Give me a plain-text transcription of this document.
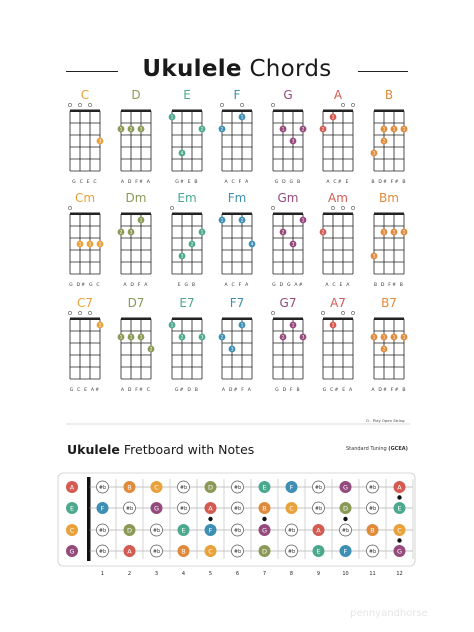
C
3
G C E C
D
1 2 3
A D F# A
E
1
2
4
G# E B
F
1
2
A C F A
G
1	2
3
G D G B
A
1
2
A C# E
B
1 1 1
2
3
B D# F# B
Cm
1 1 1
G D# G C
Dm
1
2 3
A D F A
Em
1
2
3
E G B
Fm
1	2
4
A C F A
Gm
1
2
3
G D G A#
Am
2
A C E A
Bm
1 1 1
3
B D F# B
C7
1
G C E A#
D7
1 1 1
2
A D F# C
E7
1
2	3
G# D B
F7
1
2
3
A D# F A
G7
1
2	3
G D F B
A7
1
G C# E A
B7
1 1 1 1
2
A D# F# B
A	#b	B	C	#b	D	#b	E	F	#b	G	#b	A
E	F	#b	G	#b	A	#b	B	C	#b	D	#b	E
C	#b	D	#b	E	F	#b	G	#b	A	#b	B	C
G	#b	A	#b	B	C	#b	D	#b	E	F	#b	G
1	2	3	4	5	6	7	8	9	10	11	12
Ukulele Chords
O - Play Open String
Ukulele Fretboard with Notes	Standard Tuning (GCEA)
pennyandhorse
